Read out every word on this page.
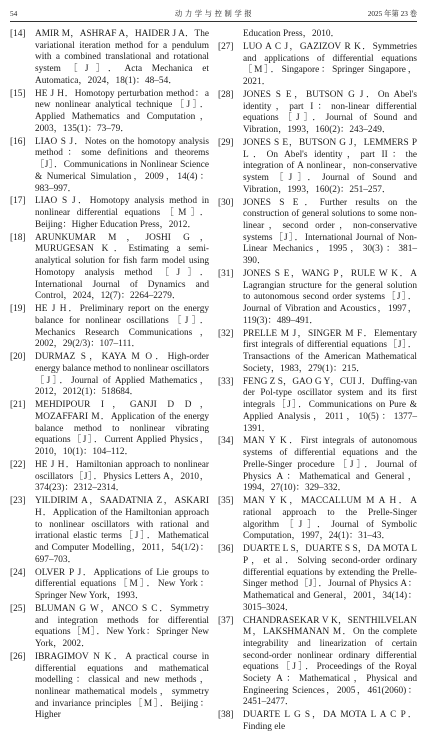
54	动 力 学 与 控 制 学 报	2025 年第 23 卷
[14]	AMIR M，ASHRAF A，HAIDER J A．The variational iteration method for a pendulum with a combined translational and rotational system［J］．Acta Mechanica et Automatica，2024，18(1)：48–54．
[15]	HE J H．Homotopy perturbation method：a new nonlinear analytical technique［J］．Applied Mathematics and Computation，2003，135(1)：73–79．
[16]	LIAO S J．Notes on the homotopy analysis method：some definitions and theorems［J］．Communications in Nonlinear Science & Numerical Simulation，2009，14(4)：983–997．
[17]	LIAO S J．Homotopy analysis method in nonlinear differential equations［M］．Beijing：Higher Education Press，2012．
[18]	ARUNKUMAR M，JOSHI G，MURUGESAN K．Estimating a semi-analytical solution for fish farm model using Homotopy analysis method［J］．International Journal of Dynamics and Control，2024，12(7)：2264–2279．
[19]	HE J H．Preliminary report on the energy balance for nonlinear oscillations［J］．Mechanics Research Communications，2002，29(2/3)：107–111．
[20]	DURMAZ S，KAYA M O．High-order energy balance method to nonlinear oscillators［J］．Journal of Applied Mathematics，2012，2012(1)：518684．
[21]	MEHDIPOUR I，GANJI D D，MOZAFFARI M．Application of the energy balance method to nonlinear vibrating equations［J］．Current Applied Physics，2010，10(1)：104–112．
[22]	HE J H．Hamiltonian approach to nonlinear oscillators［J］．Physics Letters A，2010，374(23)：2312–2314．
[23]	YILDIRIM A，SAADATNIA Z，ASKARI H．Application of the Hamiltonian approach to nonlinear oscillators with rational and irrational elastic terms［J］．Mathematical and Computer Modelling，2011，54(1/2)：697–703．
[24]	OLVER P J．Applications of Lie groups to differential equations［M］．New York：Springer New York，1993．
[25]	BLUMAN G W，ANCO S C．Symmetry and integration methods for differential equations［M］．New York：Springer New York，2002．
[26]	IBRAGIMOV N K．A practical course in differential equations and mathematical modelling：classical and new methods，nonlinear mathematical models，symmetry and invariance principles［M］．Beijing：Higher
Education Press，2010．
[27]	LUO A C J，GAZIZOV R K．Symmetries and applications of differential equations［M］．Singapore：Springer Singapore，2021．
[28]	JONES S E，BUTSON G J．On Abel's identity，part I：non-linear differential equations［J］．Journal of Sound and Vibration，1993，160(2)：243–249．
[29]	JONES S E，BUTSON G J，LEMMERS P L．On Abel's identity，part II：the integration of A nonlinear，non-conservative system［J］．Journal of Sound and Vibration，1993，160(2)：251–257．
[30]	JONES S E．Further results on the construction of general solutions to some non-linear，second order，non-conservative systems［J］．International Journal of Non-Linear Mechanics，1995，30(3)：381–390．
[31]	JONES S E，WANG P，RULE W K．A Lagrangian structure for the general solution to autonomous second order systems［J］．Journal of Vibration and Acoustics，1997，119(3)：489–491．
[32]	PRELLE M J，SINGER M F．Elementary first integrals of differential equations［J］．Transactions of the American Mathematical Society，1983，279(1)：215．
[33]	FENG Z S，GAO G Y，CUI J．Duffing-van der Pol-type oscillator system and its first integrals［J］．Communications on Pure & Applied Analysis，2011，10(5)：1377–1391．
[34]	MAN Y K．First integrals of autonomous systems of differential equations and the Prelle-Singer procedure［J］．Journal of Physics A：Mathematical and General，1994，27(10)：329–332．
[35]	MAN Y K，MACCALLUM M A H．A rational approach to the Prelle-Singer algorithm［J］．Journal of Symbolic Computation，1997，24(1)：31–43．
[36]	DUARTE L S，DUARTE S S，DA MOTA L P，et al．Solving second-order ordinary differential equations by extending the Prelle-Singer method［J］．Journal of Physics A：Mathematical and General，2001，34(14)：3015–3024．
[37]	CHANDRASEKAR V K，SENTHILVELAN M，LAKSHMANAN M．On the complete integrability and linearization of certain second-order nonlinear ordinary differential equations［J］．Proceedings of the Royal Society A：Mathematical，Physical and Engineering Sciences，2005，461(2060)：2451–2477．
[38]	DUARTE L G S，DA MOTA L A C P．Finding ele
